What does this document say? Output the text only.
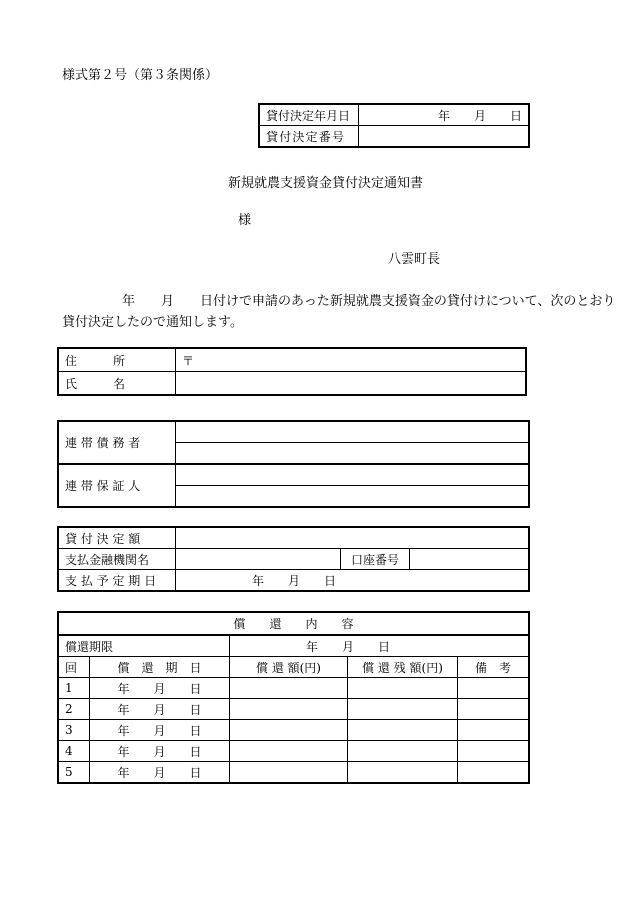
様式第２号（第３条関係）
貸付決定年月日	年　　月　　日
貸付決定番号	
新規就農支援資金貸付決定通知書
様
八雲町長
年　　月　　日付けで申請のあった新規就農支援資金の貸付けについて、次のとおり
貸付決定したので通知します。
住　　　所	〒
氏　　　名	
連 帯 債 務 者	

連 帯 保 証 人	

貸 付 決 定 額			
支払金融機関名		口座番号	
支 払 予 定 期 日	年　　月　　日		
償　　還　　内　　容				
償還期限		年　　月　　日		
回	償　還　期　日	償 還 額(円)	償 還 残 額(円)	備　考
1	年　　月　　日			
2	年　　月　　日			
3	年　　月　　日			
4	年　　月　　日			
5	年　　月　　日			
